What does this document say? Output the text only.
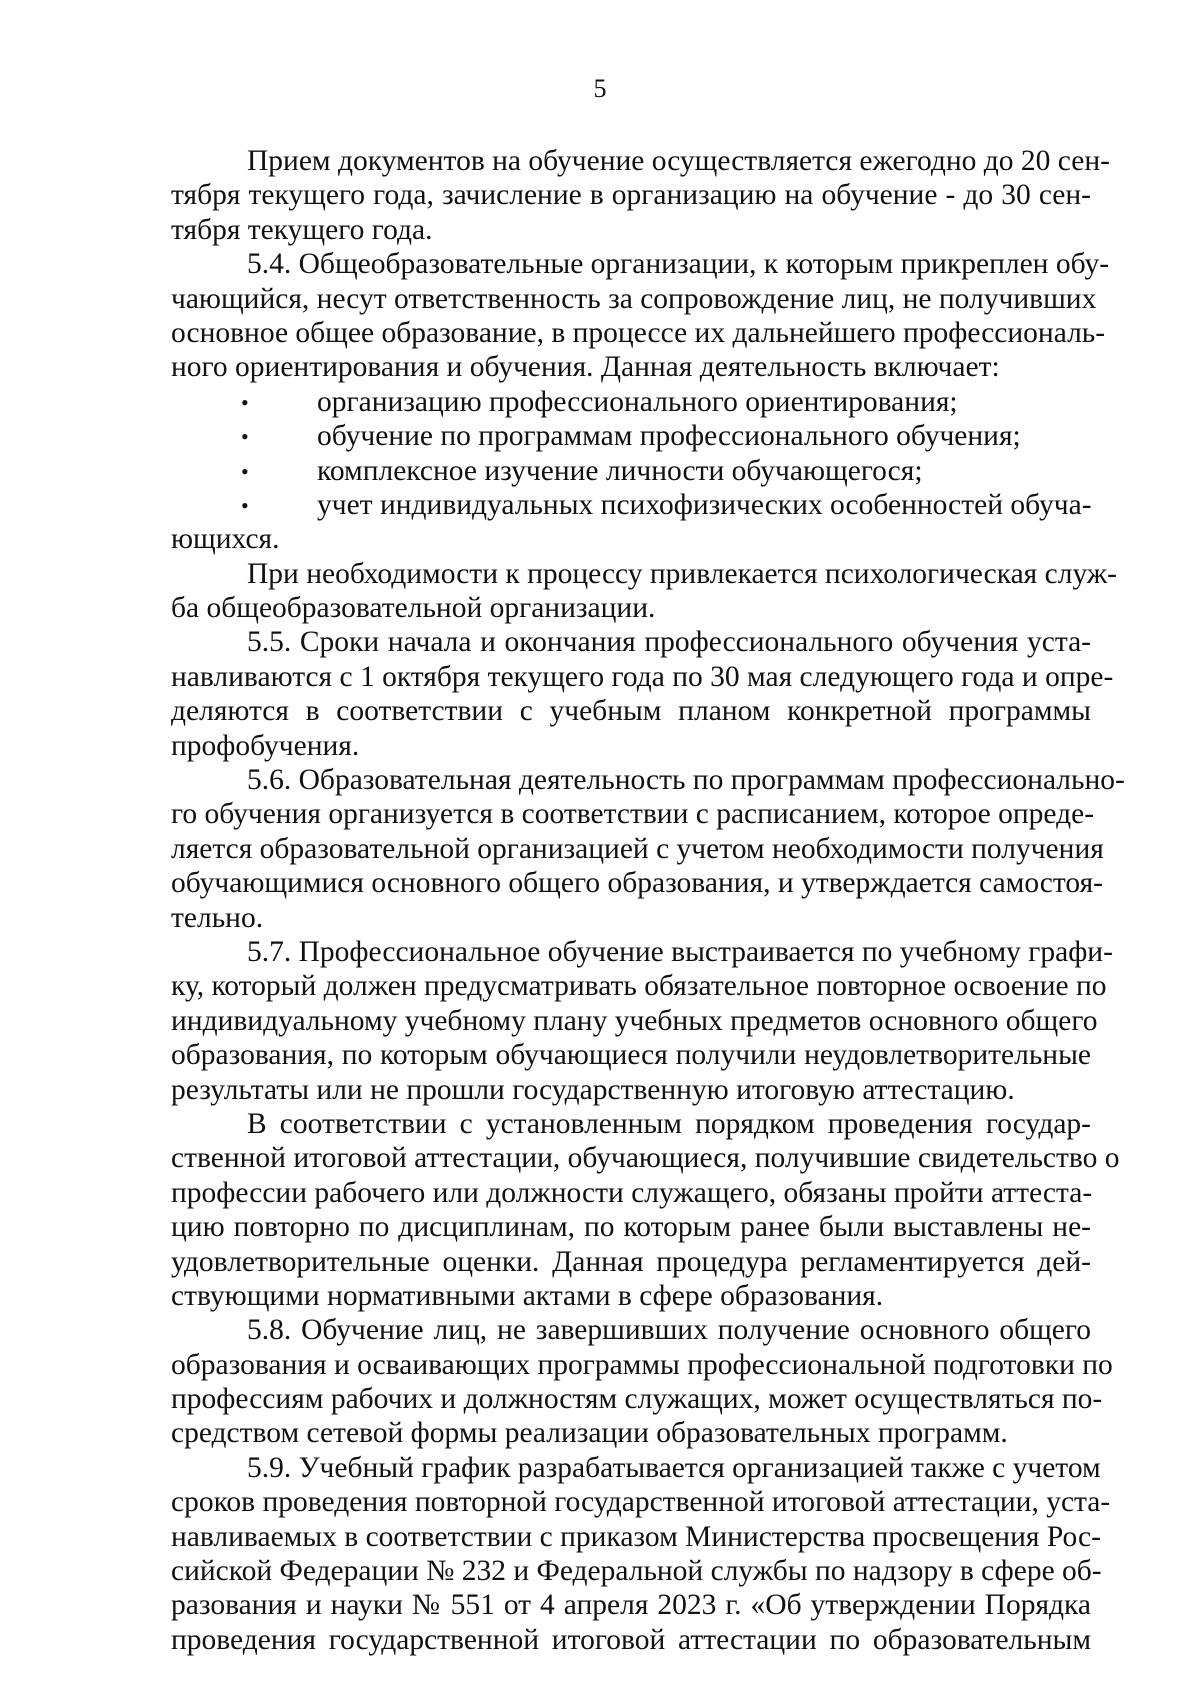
5
Прием документов на обучение осуществляется ежегодно до 20 сен-
тября текущего года, зачисление в организацию на обучение - до 30 сен-
тября текущего года.
5.4. Общеобразовательные организации, к которым прикреплен обу-
чающийся, несут ответственность за сопровождение лиц, не получивших
основное общее образование, в процессе их дальнейшего профессиональ-
ного ориентирования и обучения. Данная деятельность включает:
• организацию профессионального ориентирования;
• обучение по программам профессионального обучения;
• комплексное изучение личности обучающегося;
• учет индивидуальных психофизических особенностей обуча-
ющихся.
При необходимости к процессу привлекается психологическая служ-
ба общеобразовательной организации.
5.5. Сроки начала и окончания профессионального обучения уста-
навливаются с 1 октября текущего года по 30 мая следующего года и опре-
деляются в соответствии с учебным планом конкретной программы
профобучения.
5.6. Образовательная деятельность по программам профессионально-
го обучения организуется в соответствии с расписанием, которое опреде-
ляется образовательной организацией с учетом необходимости получения
обучающимися основного общего образования, и утверждается самостоя-
тельно.
5.7. Профессиональное обучение выстраивается по учебному графи-
ку, который должен предусматривать обязательное повторное освоение по
индивидуальному учебному плану учебных предметов основного общего
образования, по которым обучающиеся получили неудовлетворительные
результаты или не прошли государственную итоговую аттестацию.
В соответствии с установленным порядком проведения государ-
ственной итоговой аттестации, обучающиеся, получившие свидетельство о
профессии рабочего или должности служащего, обязаны пройти аттеста-
цию повторно по дисциплинам, по которым ранее были выставлены не-
удовлетворительные оценки. Данная процедура регламентируется дей-
ствующими нормативными актами в сфере образования.
5.8. Обучение лиц, не завершивших получение основного общего
образования и осваивающих программы профессиональной подготовки по
профессиям рабочих и должностям служащих, может осуществляться по-
средством сетевой формы реализации образовательных программ.
5.9. Учебный график разрабатывается организацией также с учетом
сроков проведения повторной государственной итоговой аттестации, уста-
навливаемых в соответствии с приказом Министерства просвещения Рос-
сийской Федерации № 232 и Федеральной службы по надзору в сфере об-
разования и науки № 551 от 4 апреля 2023 г. «Об утверждении Порядка
проведения государственной итоговой аттестации по образовательным
